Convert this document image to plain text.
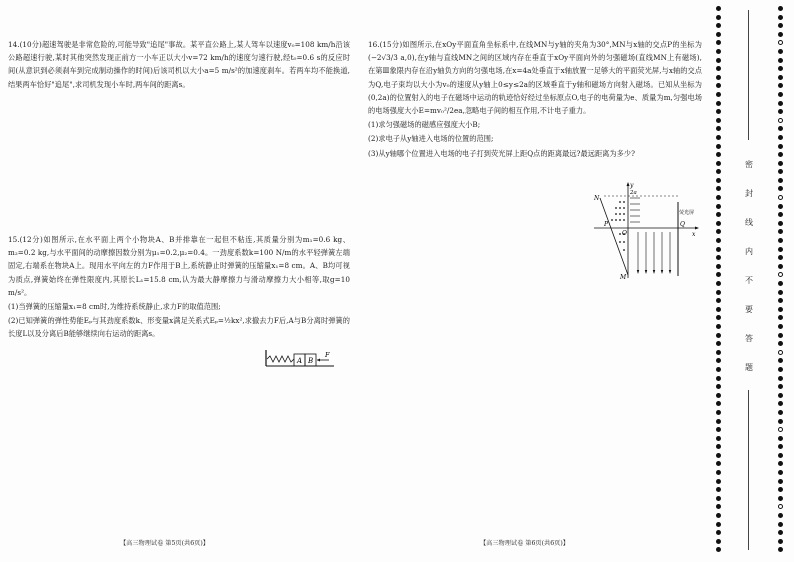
14.(10分)超速驾驶是非常危险的,可能导致"追尾"事故。某平直公路上,某人驾车以速度v₀=108 km/h沿该公路超速行驶,某时其他突然发现正前方一小车正以大小v=72 km/h的速度匀速行驶,经t₀=0.6 s的反应时间(从意识到必须刹车到完成制动操作的时间)后该司机以大小a=5 m/s²的加速度刹车。若两车均不能换道,结果两车恰好"追尾",求司机发现小车时,两车间的距离s。

15.(12分)如图所示,在水平面上两个小物块A、B并排靠在一起但不粘连,其质量分别为m₁=0.6 kg、m₂=0.2 kg,与水平面间的动摩擦因数分别为μ₁=0.2,μ₂=0.4。一劲度系数k=100 N/m的水平轻弹簧左端固定,右端系在物块A上。现用水平向左的力F作用于B上,系统静止时弹簧的压缩量x₁=8 cm。A、B均可视为质点,弹簧始终在弹性限度内,其原长L₁=15.8 cm,认为最大静摩擦力与滑动摩擦力大小相等,取g=10 m/s²。

(1)当弹簧的压缩量x₁=8 cm时,为维持系统静止,求力F的取值范围;

(2)已知弹簧的弹性势能Eₚ与其劲度系数k、形变量x满足关系式Eₚ=½kx²,求撤去力F后,A与B分离时弹簧的长度L以及分离后B能够继续向右运动的距离s。

A B
F

16.(15分)如图所示,在xOy平面直角坐标系中,在线MN与y轴的夹角为30°,MN与x轴的交点P的坐标为(−2√3/3 a,0),在y轴与直线MN之间的区域内存在垂直于xOy平面向外的匀强磁场(直线MN上有磁场),在第Ⅲ象限内存在沿y轴负方向的匀强电场,在x=4a处垂直于x轴放置一足够大的平面荧光屏,与x轴的交点为Q,电子束均以大小为v₀的速度从y轴上0≤y≤2a的区域垂直于y轴和磁场方向射入磁场。已知从坐标为(0,2a)的位置射入的电子在磁场中运动的轨迹恰好经过坐标原点O,电子的电荷量为e、质量为m,匀强电场的电场强度大小E=mv₀²/2ea,忽略电子间的相互作用,不计电子重力。

(1)求匀强磁场的磁感应强度大小B;

(2)求电子从y轴进入电场的位置的范围;

(3)从y轴哪个位置进入电场的电子打到荧光屏上距Q点的距离最远?最远距离为多少?

N
M
P
O
Q
x
y
2a
荧光屏
【高三物理试卷 第5页(共6页)】	【高三物理试卷 第6页(共6页)】
密
封
线
内
不
要
答
题
